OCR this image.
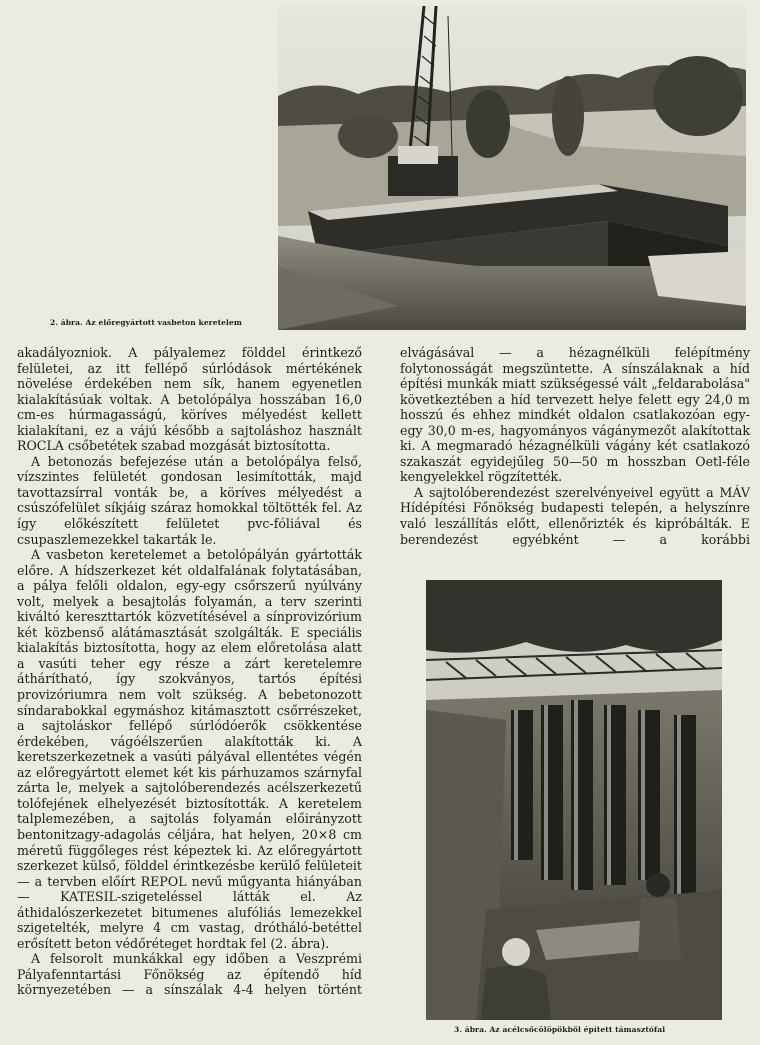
2. ábra. Az előregyártott vasbeton keretelem

akadályozniok. A pályalemez földdel érintkező felületei, az itt fellépő súrlódások mértékének növelése érdekében nem sík, hanem egyenetlen kialakításúak voltak. A betolópálya hosszában 16,0 cm-es húrmagasságú, köríves mélyedést kellett kialakítani, ez a vájú később a sajtoláshoz használt ROCLA csőbetétek szabad mozgását biztosította.

A betonozás befejezése után a betolópálya felső, vízszintes felületét gondosan lesimították, majd tavottazsírral vonták be, a köríves mélyedést a csúszófelület síkjáig száraz homokkal töltötték fel. Az így előkészített felületet pvc-fóliával és csupaszlemezekkel takarták le.

A vasbeton keretelemet a betolópályán gyártották előre. A hídszerkezet két oldalfalának folytatásában, a pálya felőli oldalon, egy-egy csőrszerű nyúlvány volt, melyek a besajtolás folyamán, a terv szerinti kiváltó kereszttartók közvetítésével a sínprovizórium két közbenső alátámasztását szolgálták. E speciális kialakítás biztosította, hogy az elem előretolása alatt a vasúti teher egy része a zárt keretelemre áthárítható, így szokványos, tartós építési provizóriumra nem volt szükség. A bebetonozott síndarabokkal egymáshoz kitámasztott csőrrészeket, a sajtoláskor fellépő súrlódóerők csökkentése érdekében, vágóélszerűen alakították ki. A keretszerkezetnek a vasúti pályával ellentétes végén az előregyártott elemet két kis párhuzamos szárnyfal zárta le, melyek a sajtolóberendezés acélszerkezetű tolófejének elhelyezését biztosították. A keretelem talplemezében, a sajtolás folyamán előirányzott bentonitzagy-adagolás céljára, hat helyen, 20×8 cm méretű függőleges rést képeztek ki. Az előregyártott szerkezet külső, földdel érintkezésbe kerülő felületeit — a tervben előírt REPOL nevű műgyanta hiányában — KATESIL-szigeteléssel látták el. Az áthidalószerkezetet bitumenes alufóliás lemezekkel szigetelték, melyre 4 cm vastag, drótháló-betéttel erősített beton védőréteget hordtak fel (2. ábra).

A felsorolt munkákkal egy időben a Veszprémi Pályafenntartási Főnökség az építendő híd környezetében — a sínszálak 4-4 helyen történt

elvágásával — a hézagnélküli felépítmény folytonosságát megszüntette. A sínszálaknak a híd építési munkák miatt szükségessé vált „feldarabolása" következtében a híd tervezett helye felett egy 24,0 m hosszú és ehhez mindkét oldalon csatlakozóan egy-egy 30,0 m-es, hagyományos vágánymezőt alakítottak ki. A megmaradó hézagnélküli vágány két csatlakozó szakaszát egyidejűleg 50—50 m hosszban Oetl-féle kengyelekkel rögzítették.

A sajtolóberendezést szerelvényeivel együtt a MÁV Hídépítési Főnökség budapesti telepén, a helyszínre való leszállítás előtt, ellenőrizték és kipróbálták. E berendezést egyébként — a korábbi

3. ábra. Az acélcsőcölöpökből épített támasztófal
